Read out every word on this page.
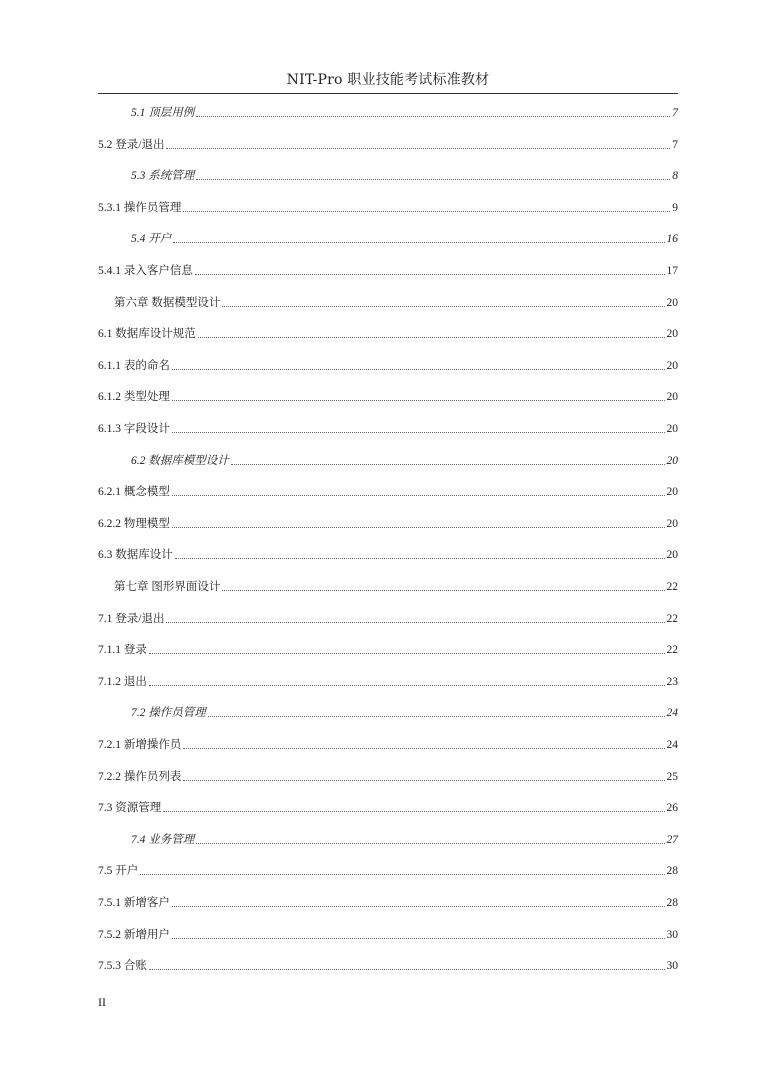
NIT-Pro 职业技能考试标准教材
5.1 顶层用例	7
5.2 登录/退出	7
5.3 系统管理	8
5.3.1 操作员管理	9
5.4 开户	16
5.4.1 录入客户信息	17
第六章 数据模型设计	20
6.1 数据库设计规范	20
6.1.1 表的命名	20
6.1.2 类型处理	20
6.1.3 字段设计	20
6.2 数据库模型设计	20
6.2.1 概念模型	20
6.2.2 物理模型	20
6.3 数据库设计	20
第七章 图形界面设计	22
7.1 登录/退出	22
7.1.1 登录	22
7.1.2 退出	23
7.2 操作员管理	24
7.2.1 新增操作员	24
7.2.2 操作员列表	25
7.3 资源管理	26
7.4 业务管理	27
7.5 开户	28
7.5.1 新增客户	28
7.5.2 新增用户	30
7.5.3 合账	30
II
